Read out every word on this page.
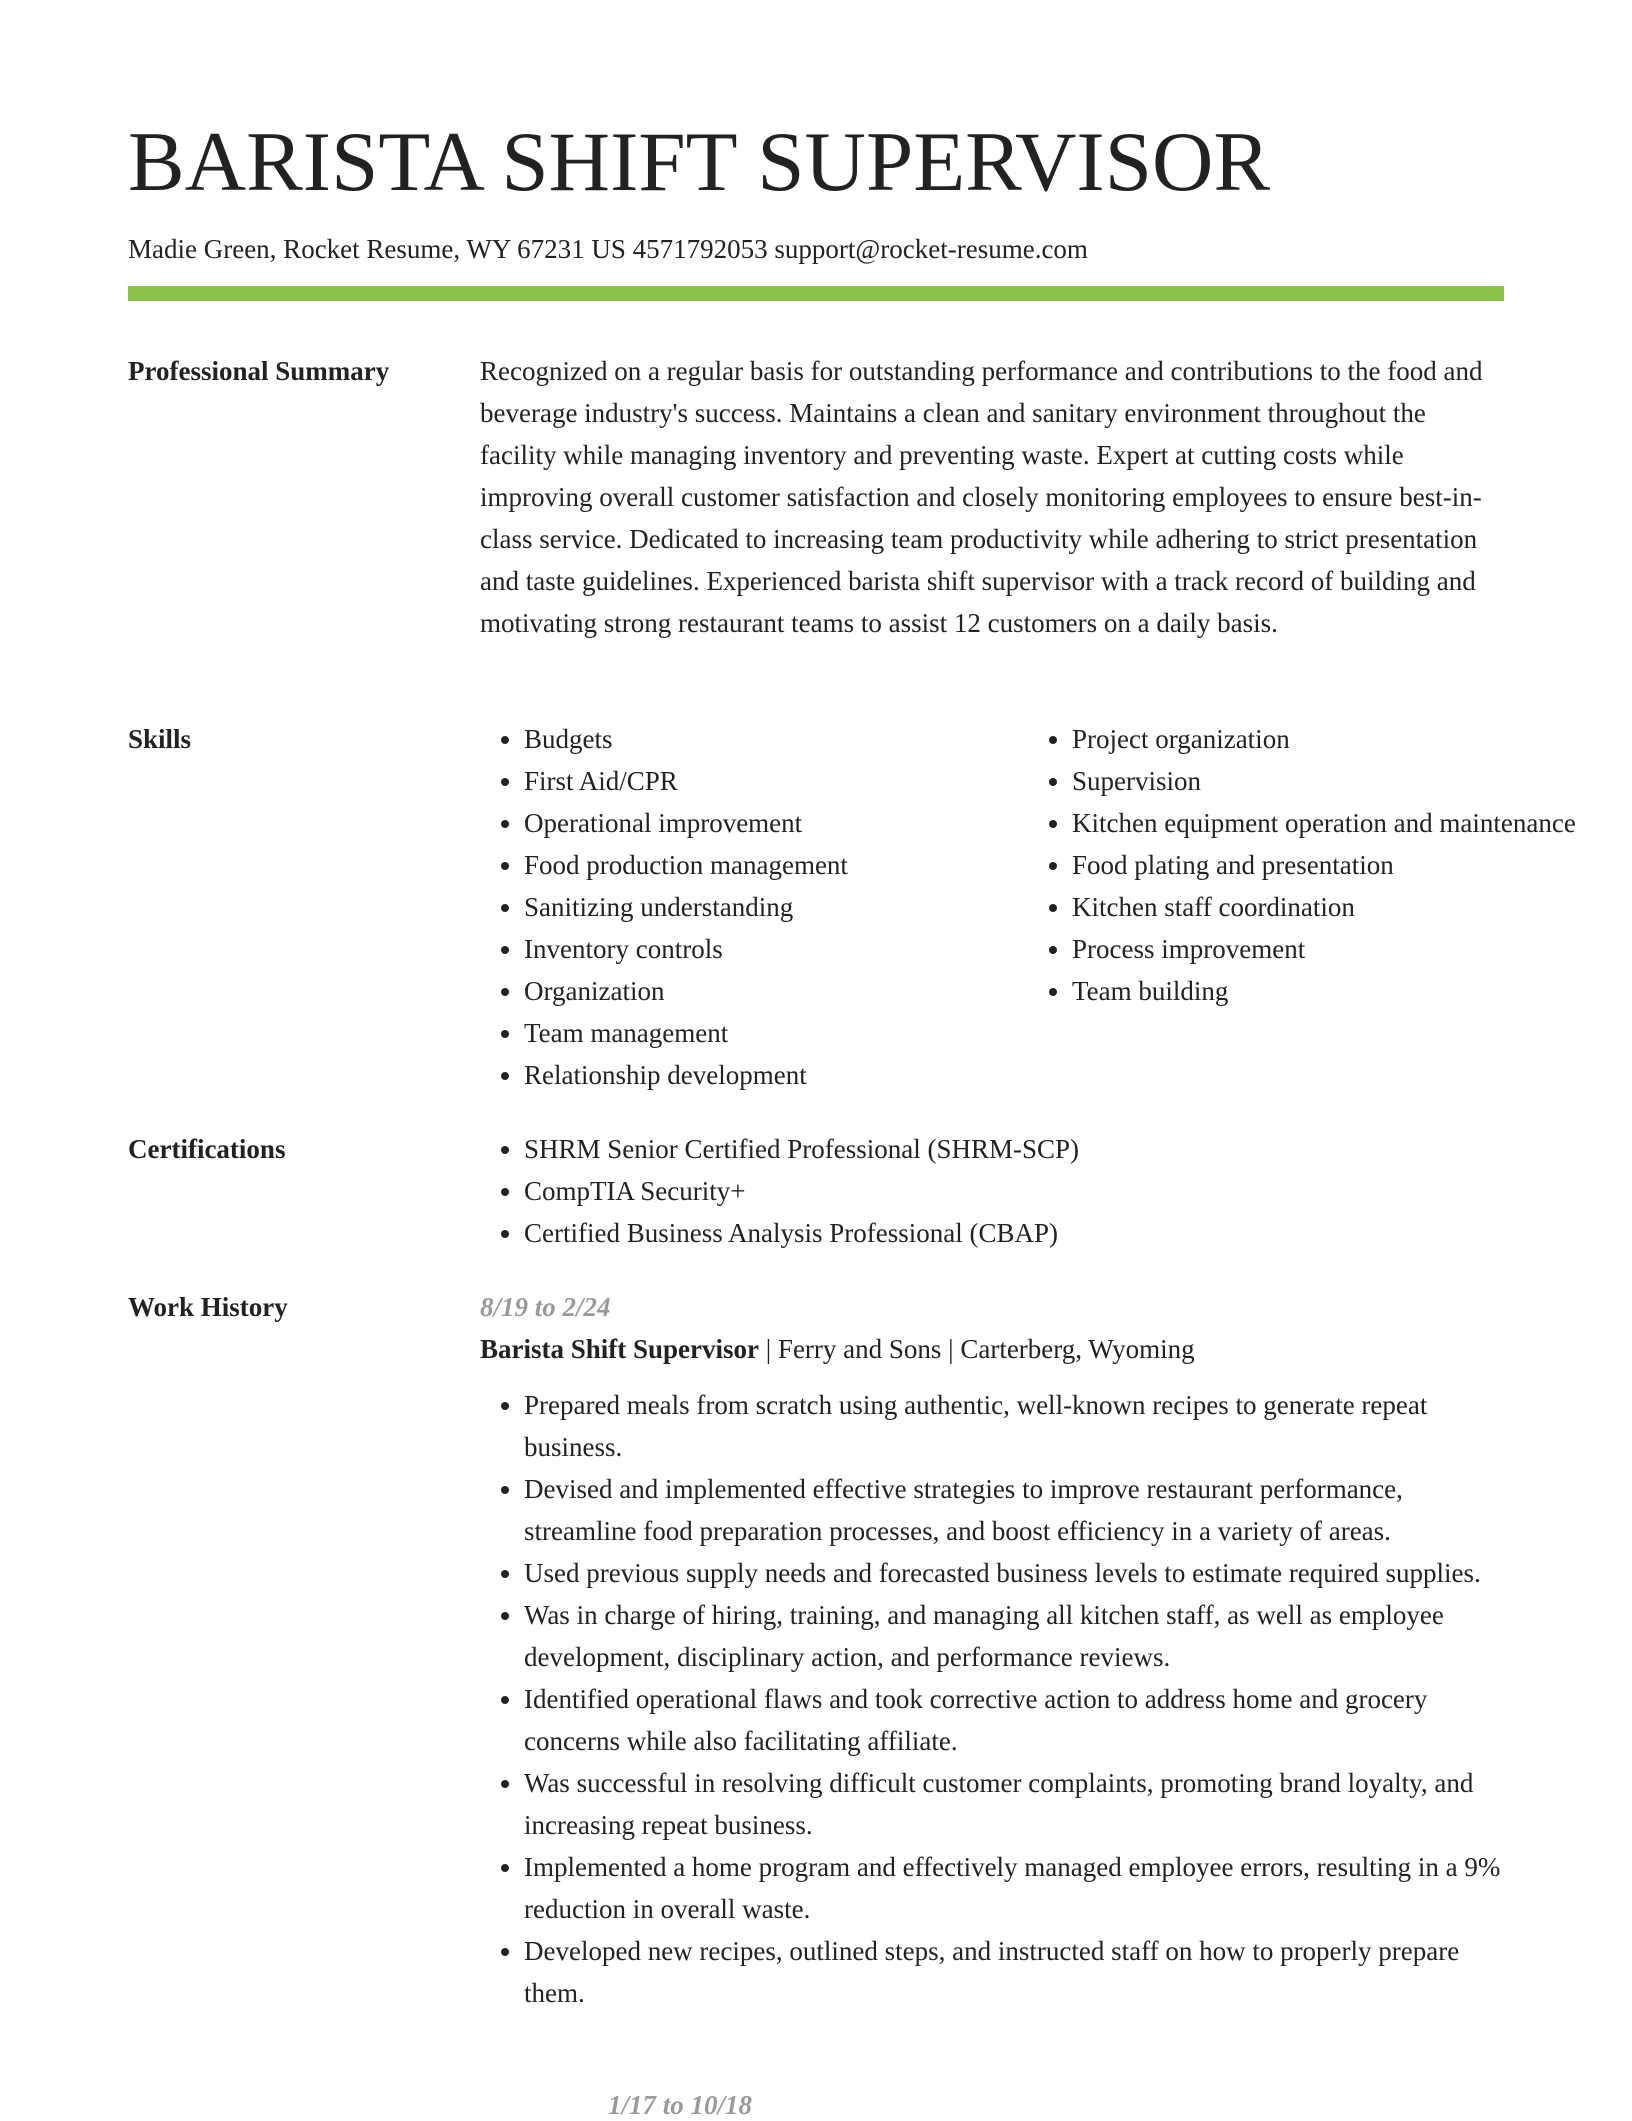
BARISTA SHIFT SUPERVISOR
Madie Green, Rocket Resume, WY 67231 US 4571792053 support@rocket-resume.com
Professional Summary	Recognized on a regular basis for outstanding performance and contributions to the food and beverage industry's success. Maintains a clean and sanitary environment throughout the facility while managing inventory and preventing waste. Expert at cutting costs while improving overall customer satisfaction and closely monitoring employees to ensure best-in-class service. Dedicated to increasing team productivity while adhering to strict presentation and taste guidelines. Experienced barista shift supervisor with a track record of building and motivating strong restaurant teams to assist 12 customers on a daily basis.

Skills	• Budgets
• First Aid/CPR
• Operational improvement
• Food production management
• Sanitizing understanding
• Inventory controls
• Organization
• Team management
• Relationship development
• Project organization
• Supervision
• Kitchen equipment operation and maintenance
• Food plating and presentation
• Kitchen staff coordination
• Process improvement
• Team building
Certifications	• SHRM Senior Certified Professional (SHRM-SCP)
• CompTIA Security+
• Certified Business Analysis Professional (CBAP)
Work History	8/19 to 2/24
Barista Shift Supervisor | Ferry and Sons | Carterberg, Wyoming
• Prepared meals from scratch using authentic, well-known recipes to generate repeat business.
• Devised and implemented effective strategies to improve restaurant performance, streamline food preparation processes, and boost efficiency in a variety of areas.
• Used previous supply needs and forecasted business levels to estimate required supplies.
• Was in charge of hiring, training, and managing all kitchen staff, as well as employee development, disciplinary action, and performance reviews.
• Identified operational flaws and took corrective action to address home and grocery concerns while also facilitating affiliate.
• Was successful in resolving difficult customer complaints, promoting brand loyalty, and increasing repeat business.
• Implemented a home program and effectively managed employee errors, resulting in a 9% reduction in overall waste.
• Developed new recipes, outlined steps, and instructed staff on how to properly prepare them.
1/17 to 10/18
